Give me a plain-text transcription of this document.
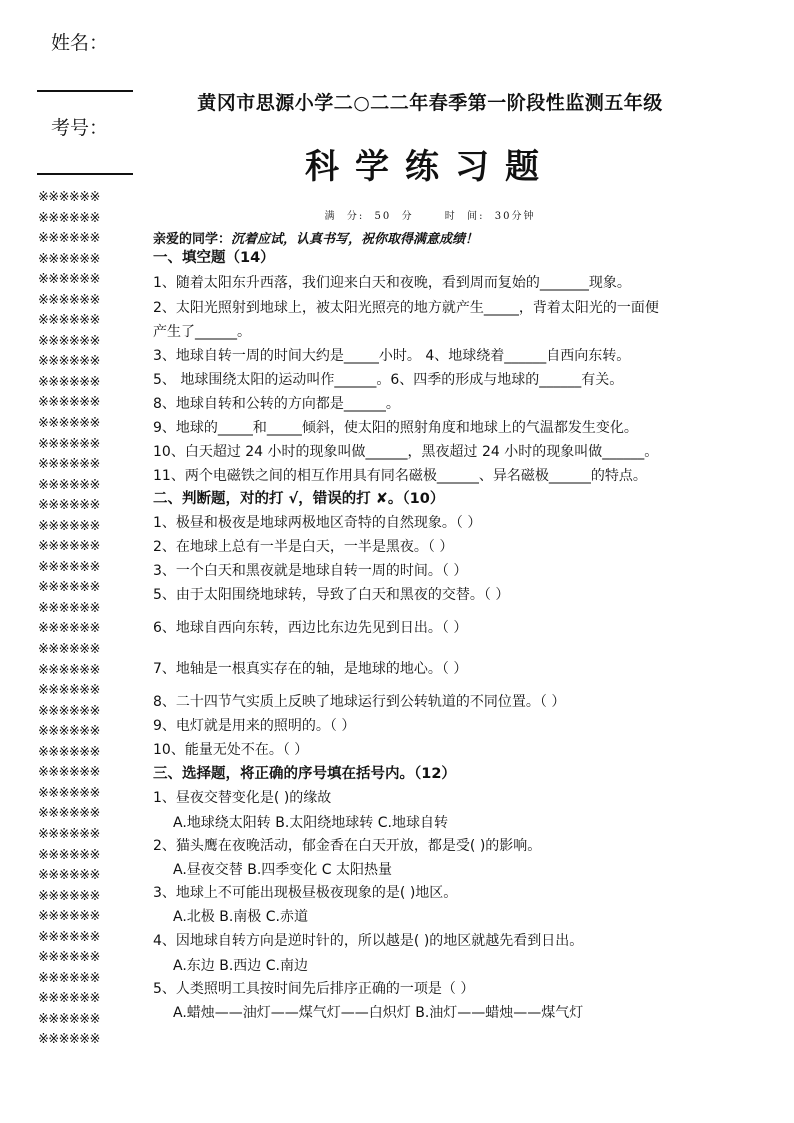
姓名：
考号：
※※※※※※
※※※※※※
※※※※※※
※※※※※※
※※※※※※
※※※※※※
※※※※※※
※※※※※※
※※※※※※
※※※※※※
※※※※※※
※※※※※※
※※※※※※
※※※※※※
※※※※※※
※※※※※※
※※※※※※
※※※※※※
※※※※※※
※※※※※※
※※※※※※
※※※※※※
※※※※※※
※※※※※※
※※※※※※
※※※※※※
※※※※※※
※※※※※※
※※※※※※
※※※※※※
※※※※※※
※※※※※※
※※※※※※
※※※※※※
※※※※※※
※※※※※※
※※※※※※
※※※※※※
※※※※※※
※※※※※※
※※※※※※
※※※※※※
黄冈市思源小学二○二二年春季第一阶段性监测五年级
科学练习题
满  分:  50  分      时  间:  30分钟
亲爱的同学：沉着应试，认真书写，祝你取得满意成绩！
一、填空题（14）
1、随着太阳东升西落，我们迎来白天和夜晚，看到周而复始的_______现象。
2、太阳光照射到地球上，被太阳光照亮的地方就产生_____，背着太阳光的一面便
产生了______。
3、地球自转一周的时间大约是_____小时。 4、地球绕着______自西向东转。
5、 地球围绕太阳的运动叫作______。6、四季的形成与地球的______有关。
8、地球自转和公转的方向都是______。
9、地球的_____和_____倾斜，使太阳的照射角度和地球上的气温都发生变化。
10、白天超过 24 小时的现象叫做______，黑夜超过 24 小时的现象叫做______。
11、两个电磁铁之间的相互作用具有同名磁极______、异名磁极______的特点。
二、判断题，对的打 √，错误的打 ✘。（10）
1、极昼和极夜是地球两极地区奇特的自然现象。（ ）
2、在地球上总有一半是白天，一半是黑夜。（ ）
3、一个白天和黑夜就是地球自转一周的时间。（ ）
5、由于太阳围绕地球转，导致了白天和黑夜的交替。（ ）
6、地球自西向东转，西边比东边先见到日出。（ ）
7、地轴是一根真实存在的轴，是地球的地心。（ ）
8、二十四节气实质上反映了地球运行到公转轨道的不同位置。（ ）
9、电灯就是用来的照明的。（ ）
10、能量无处不在。（ ）
三、选择题，将正确的序号填在括号内。（12）
1、昼夜交替变化是( )的缘故
A.地球绕太阳转 B.太阳绕地球转 C.地球自转
2、猫头鹰在夜晚活动，郁金香在白天开放，都是受( )的影响。
A.昼夜交替 B.四季变化 C 太阳热量
3、地球上不可能出现极昼极夜现象的是( )地区。
A.北极 B.南极 C.赤道
4、因地球自转方向是逆时针的，所以越是( )的地区就越先看到日出。
A.东边 B.西边 C.南边
5、人类照明工具按时间先后排序正确的一项是（ ）
A.蜡烛——油灯——煤气灯——白炽灯 B.油灯——蜡烛——煤气灯
